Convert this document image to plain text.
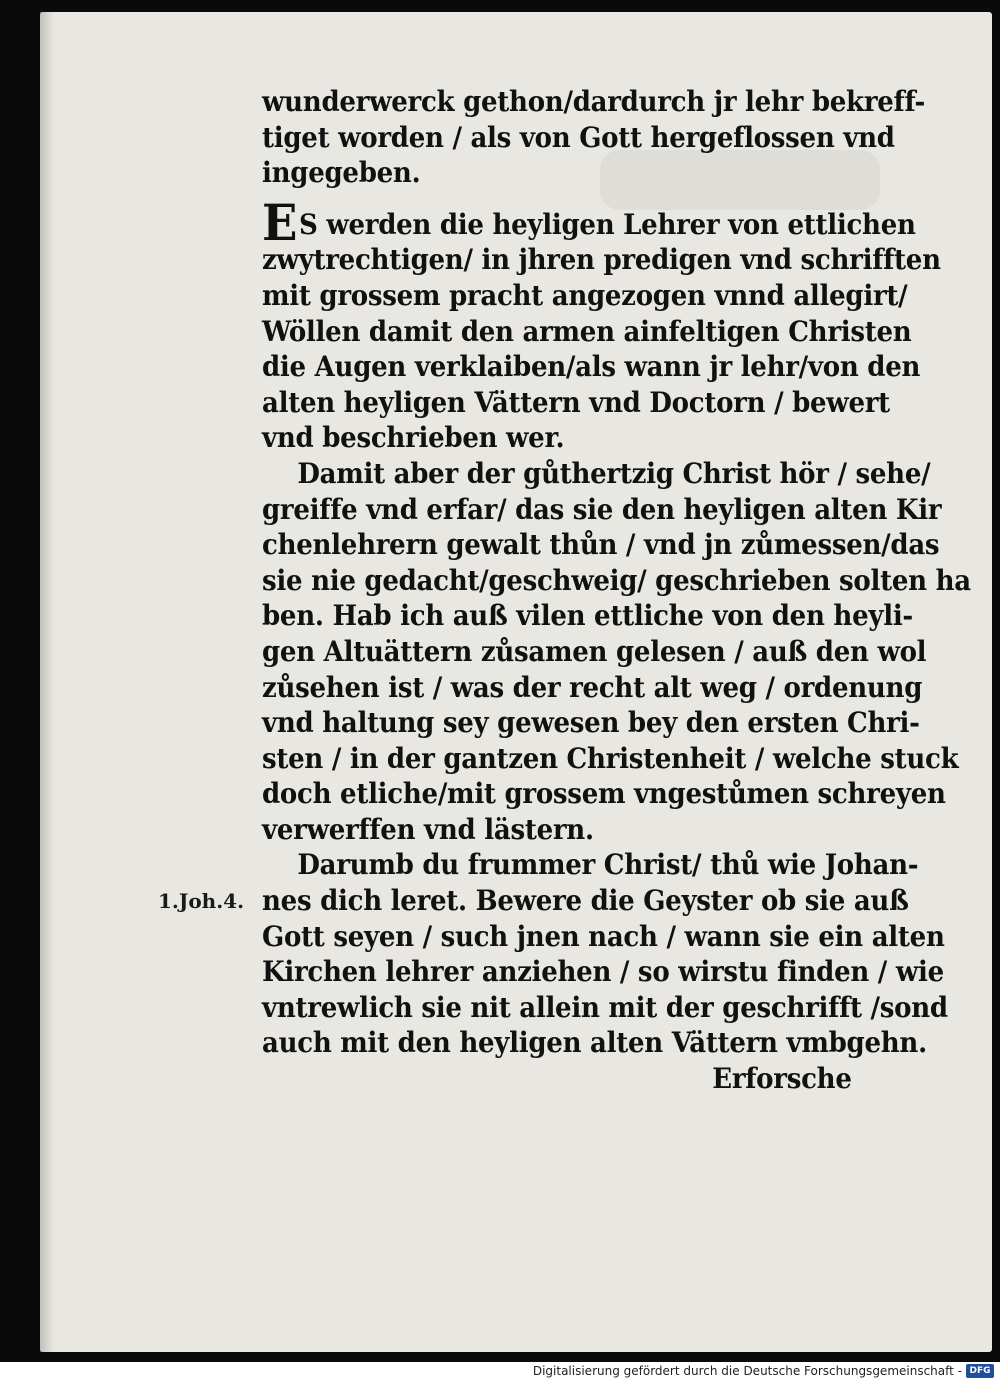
wunderwerck gethon/dardurch jr lehr bekreff-
tiget worden / als von Gott hergeflossen vnd
ingegeben.
ES werden die heyligen Lehrer von ettlichen
zwytrechtigen/ in jhren predigen vnd schrifften
mit grossem pracht angezogen vnnd allegirt/
Wöllen damit den armen ainfeltigen Christen
die Augen verklaiben/als wann jr lehr/von den
alten heyligen Vättern vnd Doctorn / bewert
vnd beschrieben wer.
Damit aber der gůthertzig Christ hör / sehe/
greiffe vnd erfar/ das sie den heyligen alten Kir
chenlehrern gewalt thůn / vnd jn zůmessen/das
sie nie gedacht/geschweig/ geschrieben solten ha
ben. Hab ich auß vilen ettliche von den heyli-
gen Altuättern zůsamen gelesen / auß den wol
zůsehen ist / was der recht alt weg / ordenung
vnd haltung sey gewesen bey den ersten Chri-
sten / in der gantzen Christenheit / welche stuck
doch etliche/mit grossem vngestůmen schreyen
verwerffen vnd lästern.
Darumb du frummer Christ/ thů wie Johan-
nes dich leret. Bewere die Geyster ob sie auß
Gott seyen / such jnen nach / wann sie ein alten
Kirchen lehrer anziehen / so wirstu finden / wie
vntrewlich sie nit allein mit der geschrifft /sond
auch mit den heyligen alten Vättern vmbgehn.
Erforsche
1.Joh.4.
Digitalisierung gefördert durch die Deutsche Forschungsgemeinschaft - DFG
